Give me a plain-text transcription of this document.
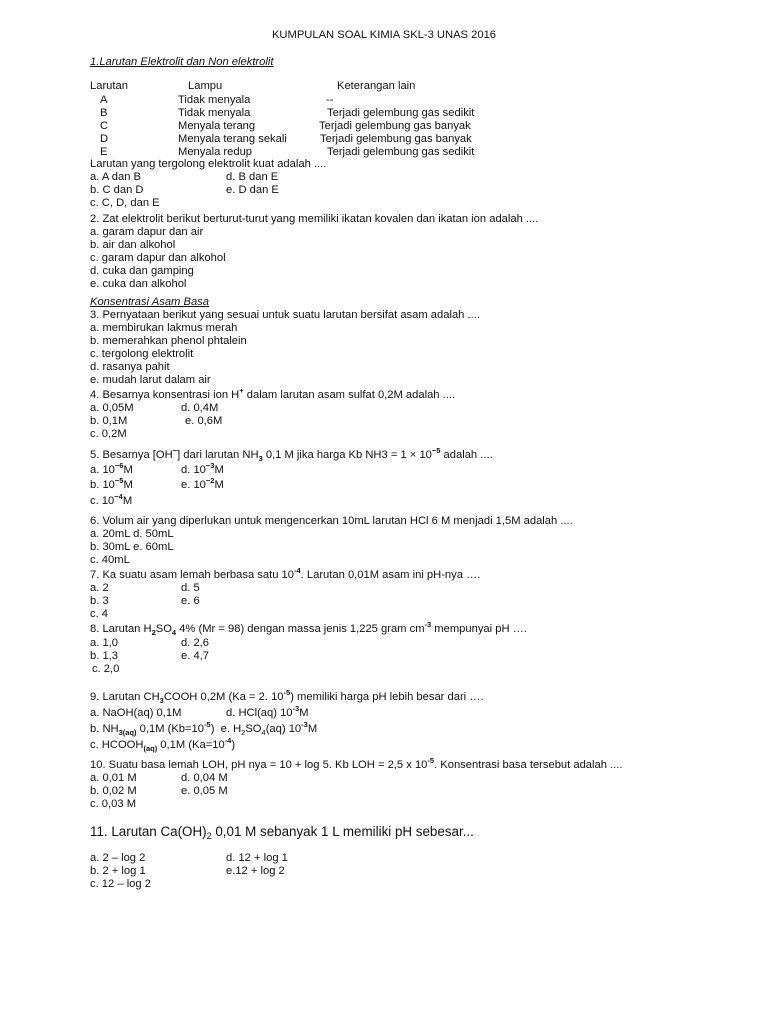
KUMPULAN SOAL KIMIA SKL-3 UNAS 2016
1.Larutan Elektrolit dan Non elektrolit
Larutan	Lampu	Keterangan lain
A	Tidak menyala	--
B	Tidak menyala	Terjadi gelembung gas sedikit
C	Menyala terang	Terjadi gelembung gas banyak
D	Menyala terang sekali	Terjadi gelembung gas banyak
E	Menyala redup	Terjadi gelembung gas sedikit
Larutan yang tergolong elektrolit kuat adalah ....
a. A dan B	d. B dan E
b. C dan D	e. D dan E
c. C, D, dan E
2. Zat elektrolit berikut berturut-turut yang memiliki ikatan kovalen dan ikatan ion adalah ....
a. garam dapur dan air
b. air dan alkohol
c. garam dapur dan alkohol
d. cuka dan gamping
e. cuka dan alkohol
Konsentrasi Asam Basa
3. Pernyataan berikut yang sesuai untuk suatu larutan bersifat asam adalah ....
a. membirukan lakmus merah
b. memerahkan phenol phtalein
c. tergolong elektrolit
d. rasanya pahit
e. mudah larut dalam air
4. Besarnya konsentrasi ion H+ dalam larutan asam sulfat 0,2M adalah ....
a. 0,05M	d. 0,4M
b. 0,1M	e. 0,6M
c. 0,2M
5. Besarnya [OH−] dari larutan $NH_3$ 0,1 M jika harga Kb $NH3 = 1 \times 10^{-5}$ adalah ....
a. $10^{-6}M$	d. $10^{-3}M$
b. $10^{-5}M$	e. $10^{-2}M$
c. $10^{-4}M$
6. Volum air yang diperlukan untuk mengencerkan 10mL larutan HCl 6 M menjadi 1,5M adalah ....
a. 20mL d. 50mL
b. 30mL e. 60mL
c. 40mL
7. Ka suatu asam lemah berbasa satu $10^{-4}$. Larutan 0,01M asam ini pH-nya ….
a. 2	d. 5
b. 3	e. 6
c. 4
8. Larutan $H_2SO_4$ 4% (Mr = 98) dengan massa jenis 1,225 gram $cm^{-3}$ mempunyai pH ….
a. 1,0	d. 2,6
b. 1,3	e. 4,7
c. 2,0
9. Larutan $CH_3COOH$ 0,2M (Ka = 2. $10^{-5}$) memiliki harga pH lebih besar dari ….
a. NaOH(aq) 0,1M	d. HCl(aq) $10^{-3}M$
b. $NH_{3(aq)}$ 0,1M $(Kb=10^{-5})$ e. $H_2SO_4(aq)$ $10^{-3}M$
c. $HCOOH_{(aq)}$ 0,1M $(Ka=10^{-4})$
10. Suatu basa lemah LOH, pH nya = 10 + log 5. Kb LOH = 2,5 x $10^{-5}$. Konsentrasi basa tersebut adalah ....
a. 0,01 M	d. 0,04 M
b. 0,02 M	e. 0,05 M
c. 0,03 M
11. Larutan $Ca(OH)_2$ 0,01 M sebanyak 1 L memiliki pH sebesar...
a. 2 – log 2	d. 12 + log 1
b. 2 + log 1	e.12 + log 2
c. 12 – log 2
